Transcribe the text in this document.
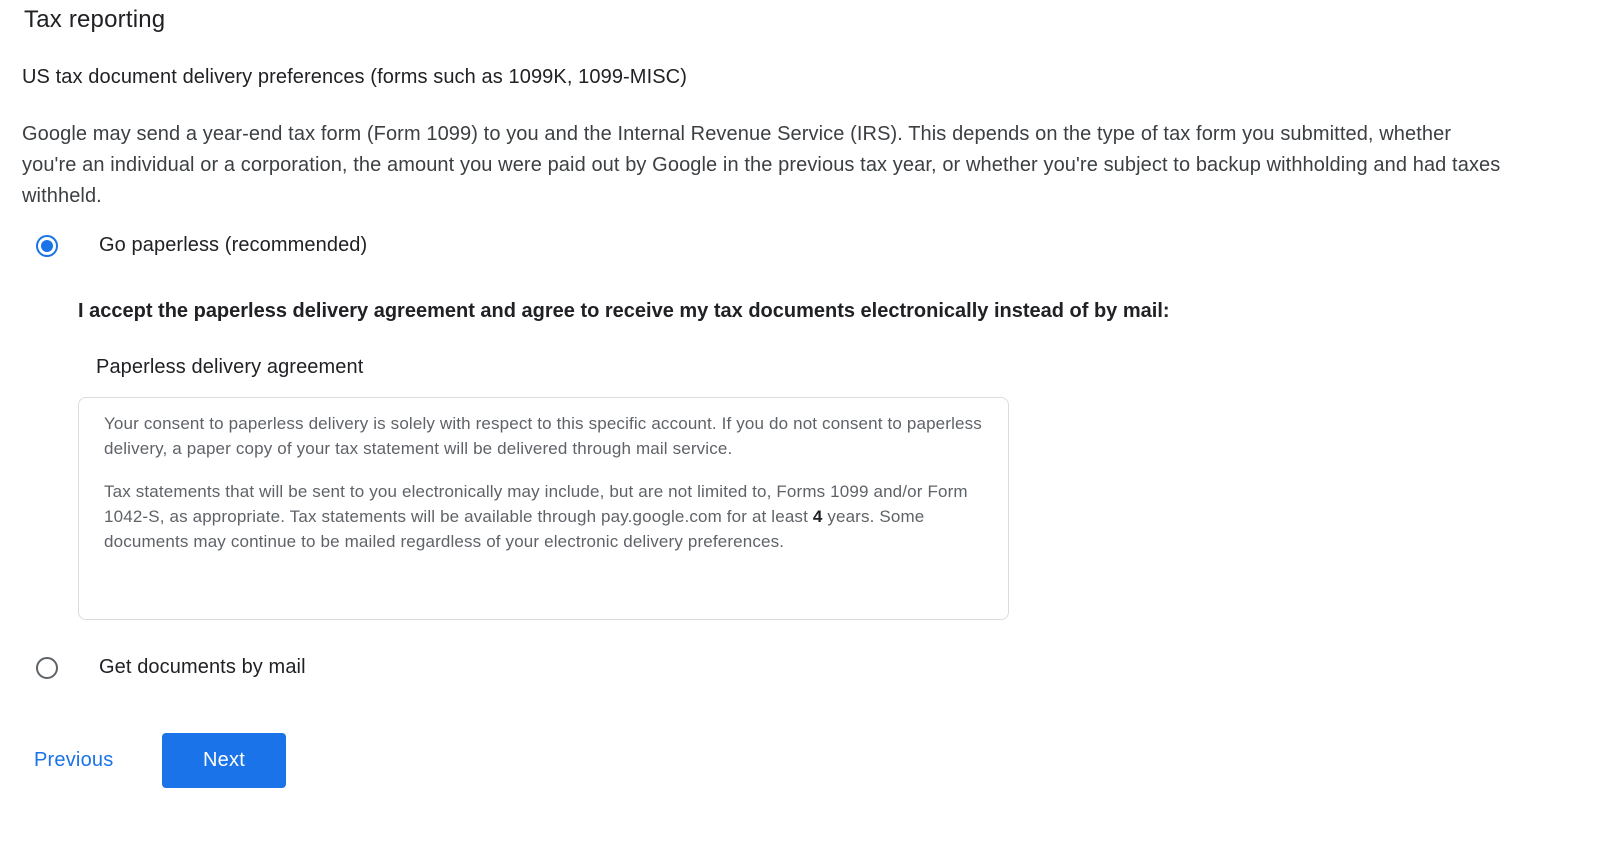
Tax reporting
US tax document delivery preferences (forms such as 1099K, 1099-MISC)
Google may send a year-end tax form (Form 1099) to you and the Internal Revenue Service (IRS). This depends on the type of tax form you submitted, whether you're an individual or a corporation, the amount you were paid out by Google in the previous tax year, or whether you're subject to backup withholding and had taxes withheld.
Go paperless (recommended)
I accept the paperless delivery agreement and agree to receive my tax documents electronically instead of by mail:
Paperless delivery agreement

Your consent to paperless delivery is solely with respect to this specific account. If you do not consent to paperless delivery, a paper copy of your tax statement will be delivered through mail service.

Tax statements that will be sent to you electronically may include, but are not limited to, Forms 1099 and/or Form 1042-S, as appropriate. Tax statements will be available through pay.google.com for at least 4 years. Some documents may continue to be mailed regardless of your electronic delivery preferences.

Get documents by mail
Previous	Next
